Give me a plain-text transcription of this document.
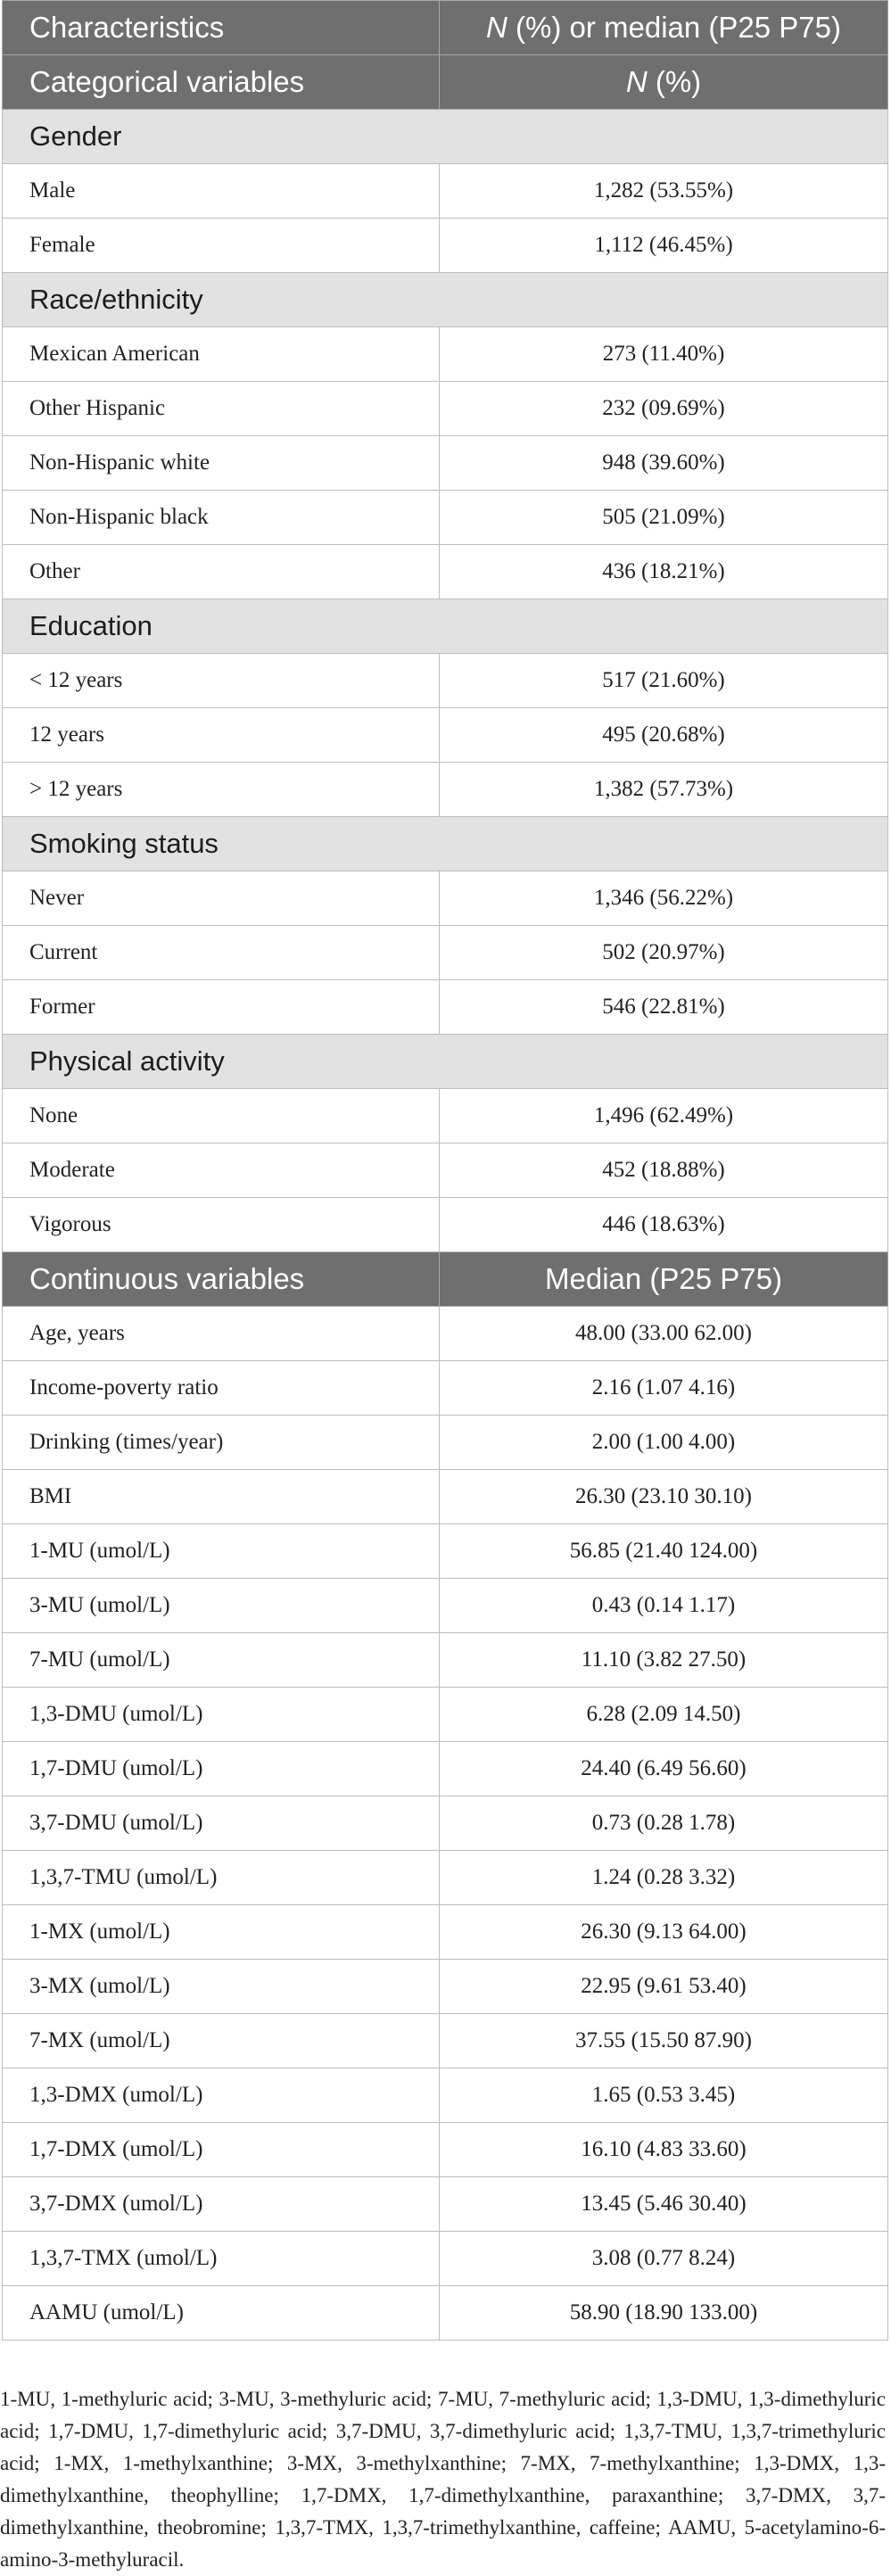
Characteristics	N (%) or median (P25 P75)
Categorical variables	N (%)
Gender	
Male	1,282 (53.55%)
Female	1,112 (46.45%)
Race/ethnicity	
Mexican American	273 (11.40%)
Other Hispanic	232 (09.69%)
Non-Hispanic white	948 (39.60%)
Non-Hispanic black	505 (21.09%)
Other	436 (18.21%)
Education	
< 12 years	517 (21.60%)
12 years	495 (20.68%)
> 12 years	1,382 (57.73%)
Smoking status	
Never	1,346 (56.22%)
Current	502 (20.97%)
Former	546 (22.81%)
Physical activity	
None	1,496 (62.49%)
Moderate	452 (18.88%)
Vigorous	446 (18.63%)
Continuous variables	Median (P25 P75)
Age, years	48.00 (33.00 62.00)
Income-poverty ratio	2.16 (1.07 4.16)
Drinking (times/year)	2.00 (1.00 4.00)
BMI	26.30 (23.10 30.10)
1-MU (umol/L)	56.85 (21.40 124.00)
3-MU (umol/L)	0.43 (0.14 1.17)
7-MU (umol/L)	11.10 (3.82 27.50)
1,3-DMU (umol/L)	6.28 (2.09 14.50)
1,7-DMU (umol/L)	24.40 (6.49 56.60)
3,7-DMU (umol/L)	0.73 (0.28 1.78)
1,3,7-TMU (umol/L)	1.24 (0.28 3.32)
1-MX (umol/L)	26.30 (9.13 64.00)
3-MX (umol/L)	22.95 (9.61 53.40)
7-MX (umol/L)	37.55 (15.50 87.90)
1,3-DMX (umol/L)	1.65 (0.53 3.45)
1,7-DMX (umol/L)	16.10 (4.83 33.60)
3,7-DMX (umol/L)	13.45 (5.46 30.40)
1,3,7-TMX (umol/L)	3.08 (0.77 8.24)
AAMU (umol/L)	58.90 (18.90 133.00)
1-MU, 1-methyluric acid; 3-MU, 3-methyluric acid; 7-MU, 7-methyluric acid; 1,3-DMU, 1,3-dimethyluric acid; 1,7-DMU, 1,7-dimethyluric acid; 3,7-DMU, 3,7-dimethyluric acid; 1,3,7-TMU, 1,3,7-trimethyluric acid; 1-MX, 1-methylxanthine; 3-MX, 3-methylxanthine; 7-MX, 7-methylxanthine; 1,3-DMX, 1,3-dimethylxanthine, theophylline; 1,7-DMX, 1,7-dimethylxanthine, paraxanthine; 3,7-DMX, 3,7-dimethylxanthine, theobromine; 1,3,7-TMX, 1,3,7-trimethylxanthine, caffeine; AAMU, 5-acetylamino-6-amino-3-methyluracil.
